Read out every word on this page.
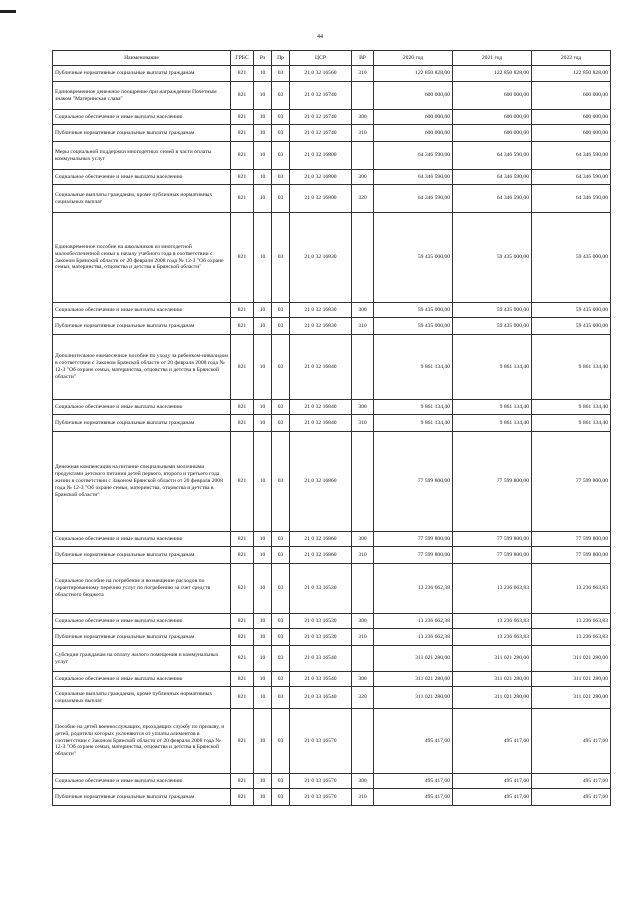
44
Наименование	ГРБС	Рз	Пр	ЦСР	ВР	2020 год	2021 год	2022 год
Публичные нормативные социальные выплаты гражданам	821	10	03	21 0 32 16560	310	122 850 828,00	122 850 828,00	122 850 828,00
Единовременное денежное поощрение при награждении Почетным знаком "Материнская слава"	821	10	03	21 0 32 16740		600 000,00	600 000,00	600 000,00
Социальное обеспечение и иные выплаты населению	821	10	03	21 0 32 16740	300	600 000,00	600 000,00	600 000,00
Публичные нормативные социальные выплаты гражданам	821	10	03	21 0 32 16740	310	600 000,00	600 000,00	600 000,00
Меры социальной поддержки многодетных семей в части оплаты коммунальных услуг	821	10	03	21 0 32 16800		64 346 590,00	64 346 590,00	64 346 590,00
Социальное обеспечение и иные выплаты населению	821	10	03	21 0 32 16800	300	64 346 590,00	64 346 590,00	64 346 590,00
Социальные выплаты гражданам, кроме публичных нормативных социальных выплат	821	10	03	21 0 32 16800	320	64 346 590,00	64 346 590,00	64 346 590,00
Единовременное пособие на школьников из многодетной малообеспеченной семьи к началу учебного года в соответствии с Законом Брянской области от 20 февраля 2008 года № 12-З "Об охране семьи, материнства, отцовства и детства в Брянской области"	821	10	03	21 0 32 16830		59 435 000,00	59 435 000,00	59 435 000,00
Социальное обеспечение и иные выплаты населению	821	10	03	21 0 32 16830	300	59 435 000,00	59 435 000,00	59 435 000,00
Публичные нормативные социальные выплаты гражданам	821	10	03	21 0 32 16830	310	59 435 000,00	59 435 000,00	59 435 000,00
Дополнительное ежемесячное пособие по уходу за ребенком-инвалидом в соответствии с Законом Брянской области от 20 февраля 2008 года № 12-З "Об охране семьи, материнства, отцовства и детства в Брянской области"	821	10	03	21 0 32 16840		9 861 134,40	9 861 134,40	9 861 134,40
Социальное обеспечение и иные выплаты населению	821	10	03	21 0 32 16840	300	9 861 134,40	9 861 134,40	9 861 134,40
Публичные нормативные социальные выплаты гражданам	821	10	03	21 0 32 16840	310	9 861 134,40	9 861 134,40	9 861 134,40
Денежная компенсация на питание специальными молочными продуктами детского питания детей первого, второго и третьего года жизни в соответствии с Законом Брянской области от 20 февраля 2008 года № 12-З "Об охране семьи, материнства, отцовства и детства в Брянской области"	821	10	03	21 0 32 16860		77 599 800,00	77 599 800,00	77 599 800,00
Социальное обеспечение и иные выплаты населению	821	10	03	21 0 32 16860	300	77 599 800,00	77 599 800,00	77 599 800,00
Публичные нормативные социальные выплаты гражданам	821	10	03	21 0 32 16860	310	77 599 800,00	77 599 800,00	77 599 800,00
Социальное пособие на погребение и возмещение расходов по гарантированному перечню услуг по погребению за счет средств областного бюджета	821	10	03	21 0 33 16530		13 236 662,38	13 236 663,83	13 236 663,83
Социальное обеспечение и иные выплаты населению	821	10	03	21 0 33 16530	300	13 236 662,38	13 236 663,83	13 236 663,83
Публичные нормативные социальные выплаты гражданам	821	10	03	21 0 33 16530	310	13 236 662,38	13 236 663,83	13 236 663,83
Субсидии гражданам на оплату жилого помещения и коммунальных услуг	821	10	03	21 0 33 16540		311 021 280,00	311 021 280,00	311 021 280,00
Социальное обеспечение и иные выплаты населению	821	10	03	21 0 33 16540	300	311 021 280,00	311 021 280,00	311 021 280,00
Социальные выплаты гражданам, кроме публичных нормативных социальных выплат	821	10	03	21 0 33 16540	320	311 021 280,00	311 021 280,00	311 021 280,00
Пособие на детей военнослужащих, проходящих службу по призыву, и детей, родители которых уклоняются от уплаты алиментов в соответствии с Законом Брянской области от 20 февраля 2008 года № 12-З "Об охране семьи, материнства, отцовства и детства в Брянской области"	821	10	03	21 0 33 16570		495 417,60	495 417,60	495 417,60
Социальное обеспечение и иные выплаты населению	821	10	03	21 0 33 16570	300	495 417,60	495 417,60	495 417,60
Публичные нормативные социальные выплаты гражданам	821	10	03	21 0 33 16570	310	495 417,60	495 417,60	495 417,60
